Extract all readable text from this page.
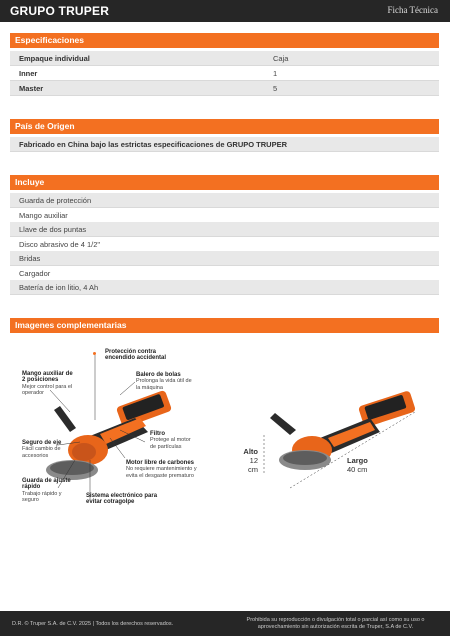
GRUPO TRUPER	Ficha Técnica
Especificaciones
Empaque individual	Caja
Inner	1
Master	5
País de Origen
Fabricado en China bajo las estrictas especificaciones de GRUPO TRUPER
Incluye
Guarda de protección
Mango auxiliar
Llave de dos puntas
Disco abrasivo de 4 1/2"
Bridas
Cargador
Batería de ion litio, 4 Ah
Imagenes complementarias
Protección contra encendido accidental
Mango auxiliar de 2 posiciones
Mejor control para el operador
Balero de bolas
Prolonga la vida útil de la máquina
Filtro
Protege al motor de partículas
Seguro de eje
Fácil cambio de accesorios
Motor libre de carbones
No requiere mantenimiento y evita el desgaste prematuro
Guarda de ajuste rápido
Trabajo rápido y seguro
Sistema electrónico para evitar cotragolpe
Alto
12 cm
Largo
40 cm
D.R. © Truper S.A. de C.V. 2025 | Todos los derechos reservados.
Prohibida su reproducción o divulgación total o parcial así como su uso o aprovechamiento sin autorización escrita de Truper, S.A de C.V.
